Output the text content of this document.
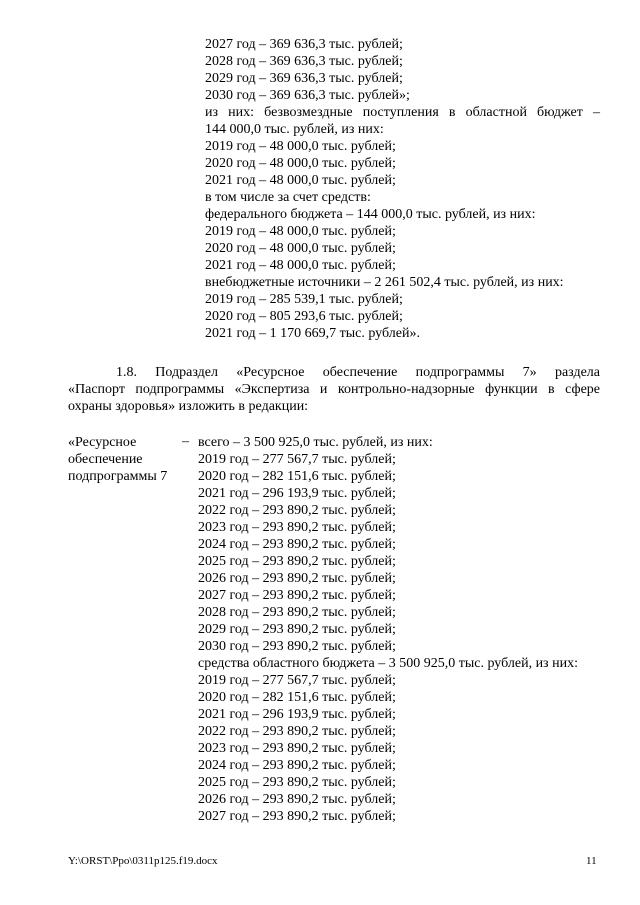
2027 год – 369 636,3 тыс. рублей;
2028 год – 369 636,3 тыс. рублей;
2029 год – 369 636,3 тыс. рублей;
2030 год – 369 636,3 тыс. рублей»;
из них: безвозмездные поступления в областной бюджет –
144 000,0 тыс. рублей, из них:
2019 год – 48 000,0 тыс. рублей;
2020 год – 48 000,0 тыс. рублей;
2021 год – 48 000,0 тыс. рублей;
в том числе за счет средств:
федерального бюджета – 144 000,0 тыс. рублей, из них:
2019 год – 48 000,0 тыс. рублей;
2020 год – 48 000,0 тыс. рублей;
2021 год – 48 000,0 тыс. рублей;
внебюджетные источники – 2 261 502,4 тыс. рублей, из них:
2019 год – 285 539,1 тыс. рублей;
2020 год – 805 293,6 тыс. рублей;
2021 год – 1 170 669,7 тыс. рублей».
1.8. Подраздел «Ресурсное обеспечение подпрограммы 7» раздела
«Паспорт подпрограммы «Экспертиза и контрольно-надзорные функции в сфере
охраны здоровья» изложить в редакции:
«Ресурсное
обеспечение
подпрограммы 7
– всего – 3 500 925,0 тыс. рублей, из них:
2019 год – 277 567,7 тыс. рублей;
2020 год – 282 151,6 тыс. рублей;
2021 год – 296 193,9 тыс. рублей;
2022 год – 293 890,2 тыс. рублей;
2023 год – 293 890,2 тыс. рублей;
2024 год – 293 890,2 тыс. рублей;
2025 год – 293 890,2 тыс. рублей;
2026 год – 293 890,2 тыс. рублей;
2027 год – 293 890,2 тыс. рублей;
2028 год – 293 890,2 тыс. рублей;
2029 год – 293 890,2 тыс. рублей;
2030 год – 293 890,2 тыс. рублей;
средства областного бюджета – 3 500 925,0 тыс. рублей, из них:
2019 год – 277 567,7 тыс. рублей;
2020 год – 282 151,6 тыс. рублей;
2021 год – 296 193,9 тыс. рублей;
2022 год – 293 890,2 тыс. рублей;
2023 год – 293 890,2 тыс. рублей;
2024 год – 293 890,2 тыс. рублей;
2025 год – 293 890,2 тыс. рублей;
2026 год – 293 890,2 тыс. рублей;
2027 год – 293 890,2 тыс. рублей;
Y:\ORST\Ppo\0311p125.f19.docx	11
